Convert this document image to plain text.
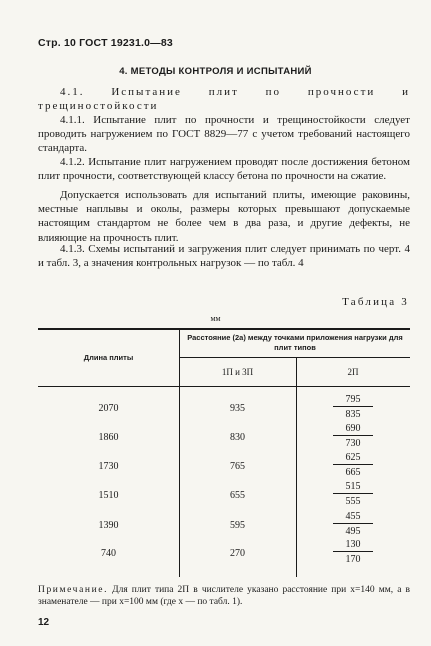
Стр. 10 ГОСТ 19231.0—83
4. МЕТОДЫ КОНТРОЛЯ И ИСПЫТАНИЙ
4.1. Испытание плит по прочности и трещиностойкости
4.1.1. Испытание плит по прочности и трещиностойкости следует проводить нагружением по ГОСТ 8829—77 с учетом требований настоящего стандарта.
4.1.2. Испытание плит нагружением проводят после достижения бетоном плит прочности, соответствующей классу бетона по прочности на сжатие.
Допускается использовать для испытаний плиты, имеющие раковины, местные наплывы и околы, размеры которых превышают допускаемые настоящим стандартом не более чем в два раза, и другие дефекты, не влияющие на прочность плит.
4.1.3. Схемы испытаний и загружения плит следует принимать по черт. 4 и табл. 3, а значения контрольных нагрузок — по табл. 4
Таблица 3
мм
Длина плиты
Расстояние (2a) между точками приложения нагрузки для плит типов
1П и 3П	2П
2070	935	$\frac{795}{835}$
1860	830	$\frac{690}{730}$
1730	765	$\frac{625}{665}$
1510	655	$\frac{515}{555}$
1390	595	$\frac{455}{495}$
740	270	$\frac{130}{170}$
Примечание. Для плит типа 2П в числителе указано расстояние при x=140 мм, а в знаменателе — при x=100 мм (где x — по табл. 1).
12
